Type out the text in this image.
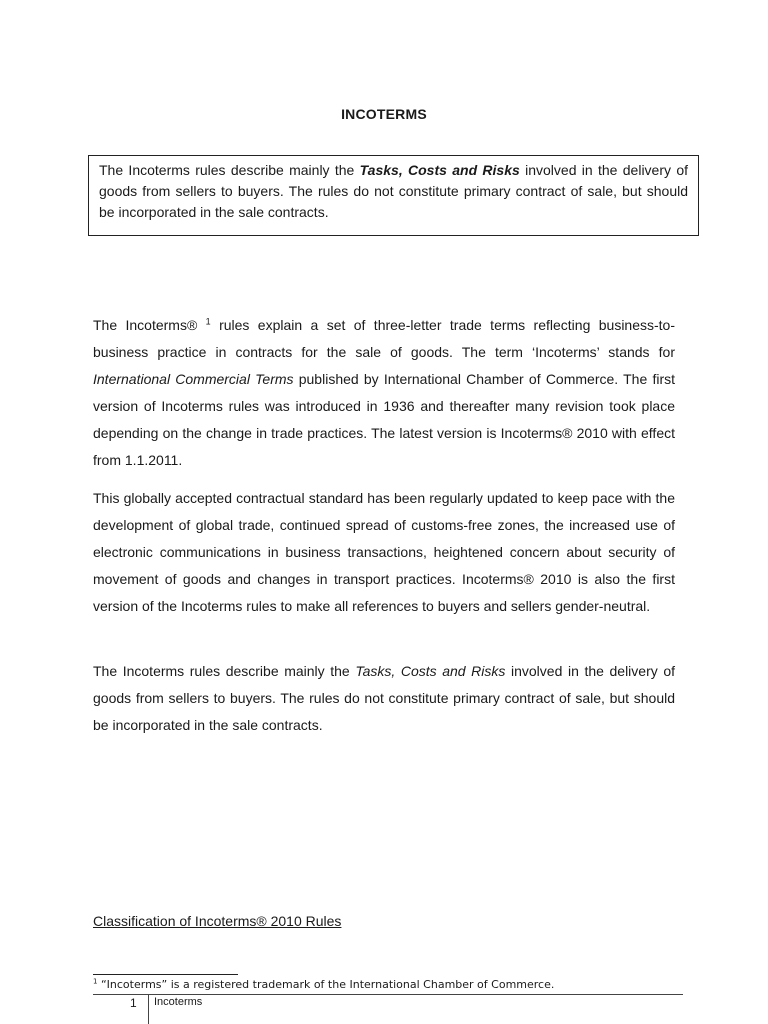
INCOTERMS
The Incoterms rules describe mainly the Tasks, Costs and Risks involved in the delivery of goods from sellers to buyers. The rules do not constitute primary contract of sale, but should be incorporated in the sale contracts.

The Incoterms® $^1$ rules explain a set of three-letter trade terms reflecting business-to-business practice in contracts for the sale of goods. The term ‘Incoterms’ stands for International Commercial Terms published by International Chamber of Commerce. The first version of Incoterms rules was introduced in 1936 and thereafter many revision took place depending on the change in trade practices. The latest version is Incoterms® 2010 with effect from 1.1.2011.

This globally accepted contractual standard has been regularly updated to keep pace with the development of global trade, continued spread of customs-free zones, the increased use of electronic communications in business transactions, heightened concern about security of movement of goods and changes in transport practices. Incoterms® 2010 is also the first version of the Incoterms rules to make all references to buyers and sellers gender-neutral.

The Incoterms rules describe mainly the Tasks, Costs and Risks involved in the delivery of goods from sellers to buyers. The rules do not constitute primary contract of sale, but should be incorporated in the sale contracts.

Classification of Incoterms® 2010 Rules
$^1$ “Incoterms” is a registered trademark of the International Chamber of Commerce.
1 Incoterms
